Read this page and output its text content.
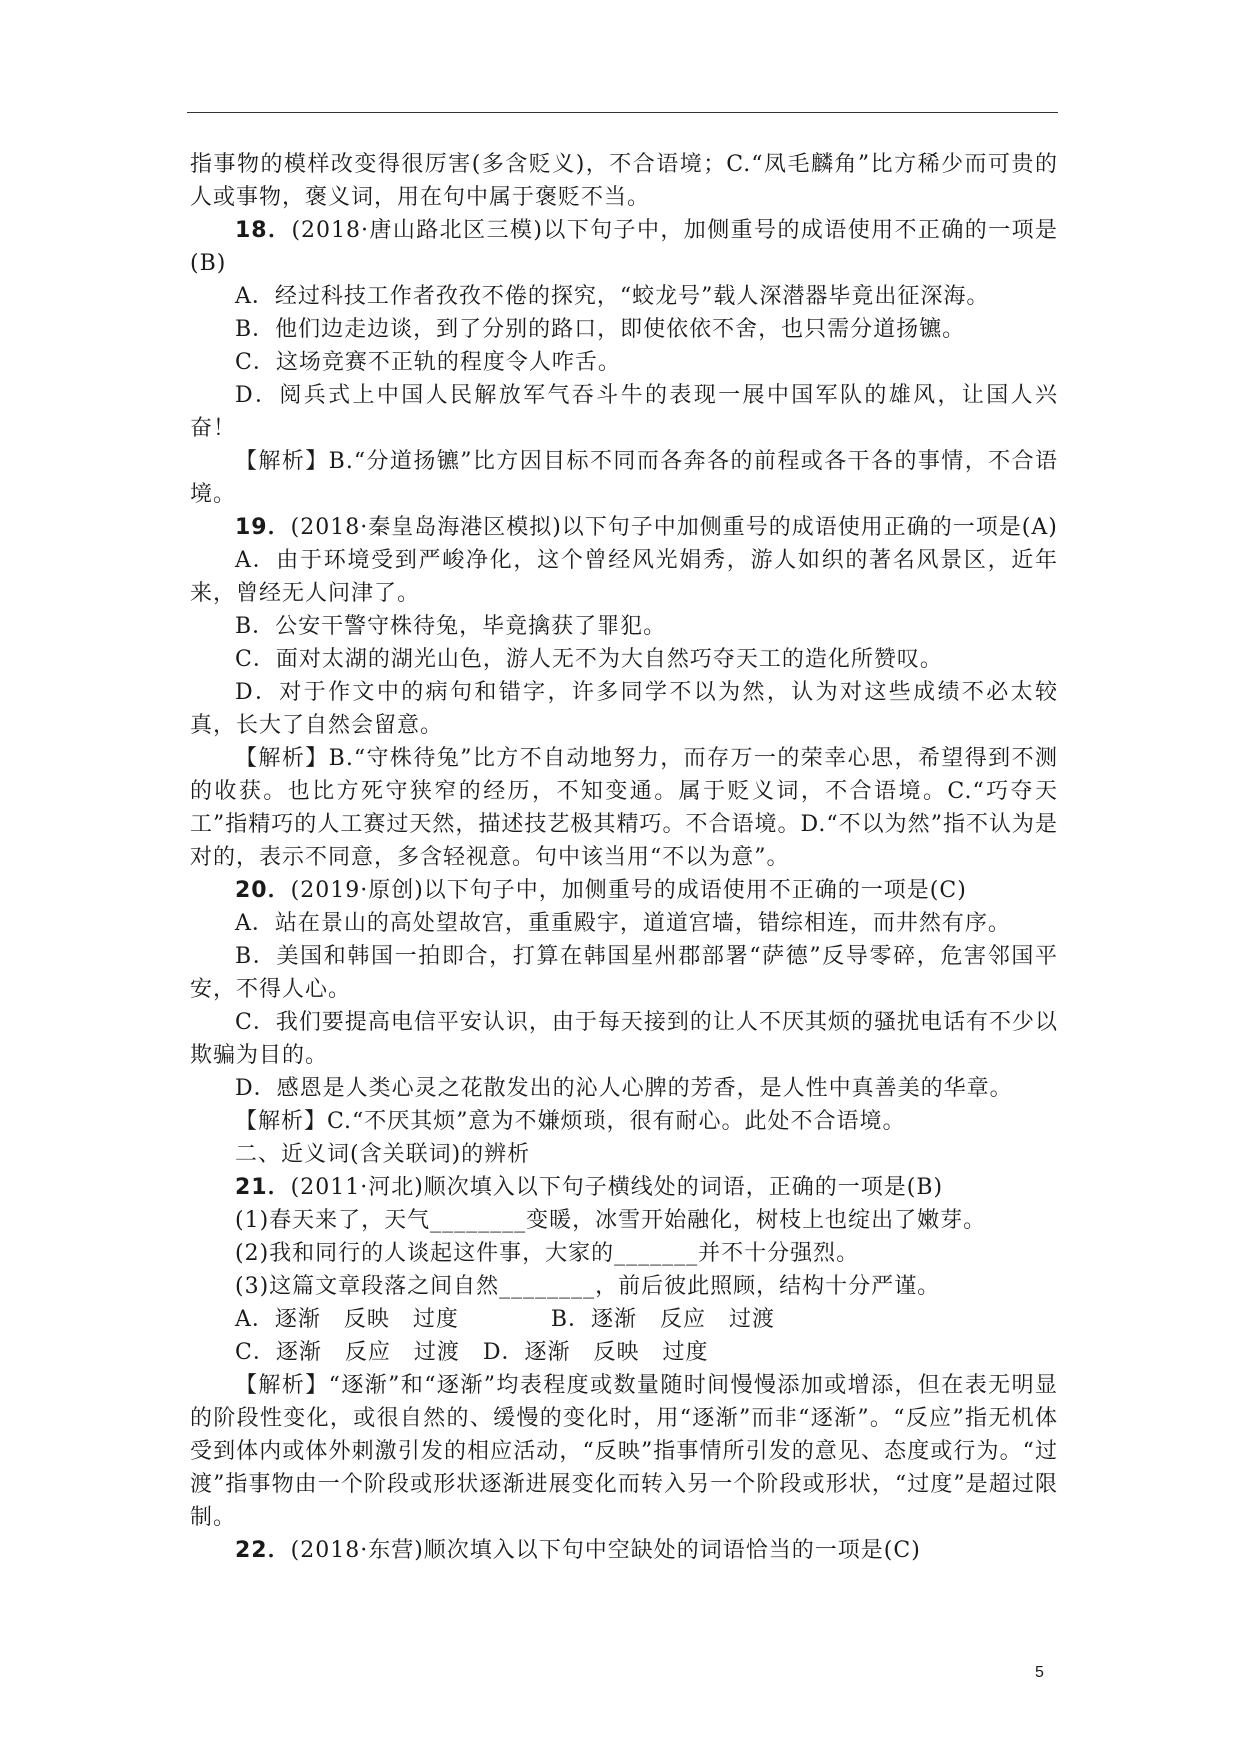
指事物的模样改变得很厉害(多含贬义)，不合语境；C.“凤毛麟角”比方稀少而可贵的人或事物，褒义词，用在句中属于褒贬不当。

18．(2018·唐山路北区三模)以下句子中，加侧重号的成语使用不正确的一项是(B)

A．经过科技工作者孜孜不倦的探究，“蛟龙号”载人深潜器毕竟出征深海。

B．他们边走边谈，到了分别的路口，即使依依不舍，也只需分道扬镳。

C．这场竞赛不正轨的程度令人咋舌。

D．阅兵式上中国人民解放军气吞斗牛的表现一展中国军队的雄风，让国人兴奋！

【解析】B.“分道扬镳”比方因目标不同而各奔各的前程或各干各的事情，不合语境。

19．(2018·秦皇岛海港区模拟)以下句子中加侧重号的成语使用正确的一项是(A)

A．由于环境受到严峻净化，这个曾经风光娟秀，游人如织的著名风景区，近年来，曾经无人问津了。

B．公安干警守株待兔，毕竟擒获了罪犯。

C．面对太湖的湖光山色，游人无不为大自然巧夺天工的造化所赞叹。

D．对于作文中的病句和错字，许多同学不以为然，认为对这些成绩不必太较真，长大了自然会留意。

【解析】B.“守株待兔”比方不自动地努力，而存万一的荣幸心思，希望得到不测的收获。也比方死守狭窄的经历，不知变通。属于贬义词，不合语境。C.“巧夺天工”指精巧的人工赛过天然，描述技艺极其精巧。不合语境。D.“不以为然”指不认为是对的，表示不同意，多含轻视意。句中该当用“不以为意”。

20．(2019·原创)以下句子中，加侧重号的成语使用不正确的一项是(C)

A．站在景山的高处望故宫，重重殿宇，道道宫墙，错综相连，而井然有序。

B．美国和韩国一拍即合，打算在韩国星州郡部署“萨德”反导零碎，危害邻国平安，不得人心。

C．我们要提高电信平安认识，由于每天接到的让人不厌其烦的骚扰电话有不少以欺骗为目的。

D．感恩是人类心灵之花散发出的沁人心脾的芳香，是人性中真善美的华章。

【解析】C.“不厌其烦”意为不嫌烦琐，很有耐心。此处不合语境。

二、近义词(含关联词)的辨析

21．(2011·河北)顺次填入以下句子横线处的词语，正确的一项是(B)

(1)春天来了，天气________变暖，冰雪开始融化，树枝上也绽出了嫩芽。

(2)我和同行的人谈起这件事，大家的_______并不十分强烈。

(3)这篇文章段落之间自然________，前后彼此照顾，结构十分严谨。

A．逐渐　反映　过度　　　　B．逐渐　反应　过渡

C．逐渐　反应　过渡　D．逐渐　反映　过度

【解析】“逐渐”和“逐渐”均表程度或数量随时间慢慢添加或增添，但在表无明显的阶段性变化，或很自然的、缓慢的变化时，用“逐渐”而非“逐渐”。“反应”指无机体受到体内或体外刺激引发的相应活动，“反映”指事情所引发的意见、态度或行为。“过渡”指事物由一个阶段或形状逐渐进展变化而转入另一个阶段或形状，“过度”是超过限制。

22．(2018·东营)顺次填入以下句中空缺处的词语恰当的一项是(C)

5
